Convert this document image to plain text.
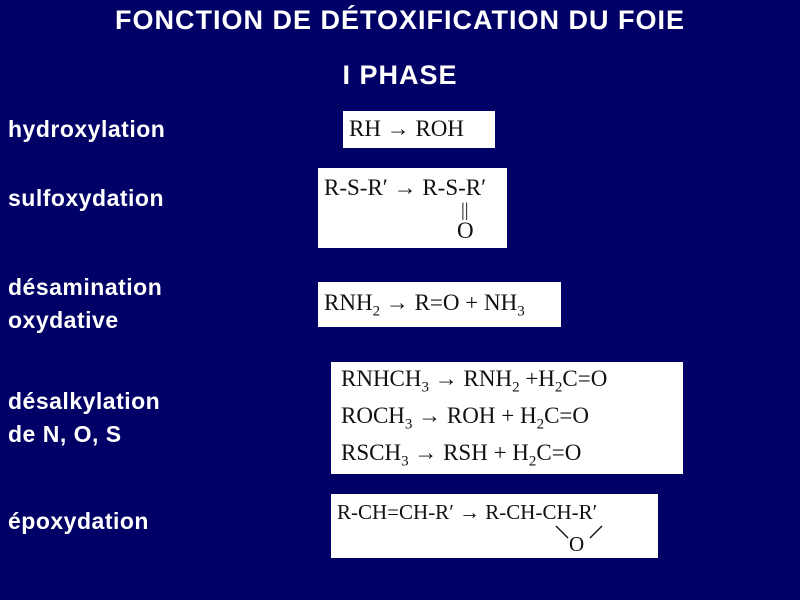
FONCTION DE DÉTOXIFICATION DU FOIE
I PHASE
hydroxylation
sulfoxydation
désamination
oxydative
désalkylation
de N, O, S
époxydation
RH → ROH
R-S-R′ → R-S-R′
||
O
$RNH_2 \to R=O + NH_3$
$RNHCH_3 \to RNH_2 +H_2C=O$
$ROCH_3$ → ROH + $H_2C=O$
$RSCH_3$ → RSH + $H_2C=O$
R-CH=CH-R′ → R-CH-CH-R′
O
